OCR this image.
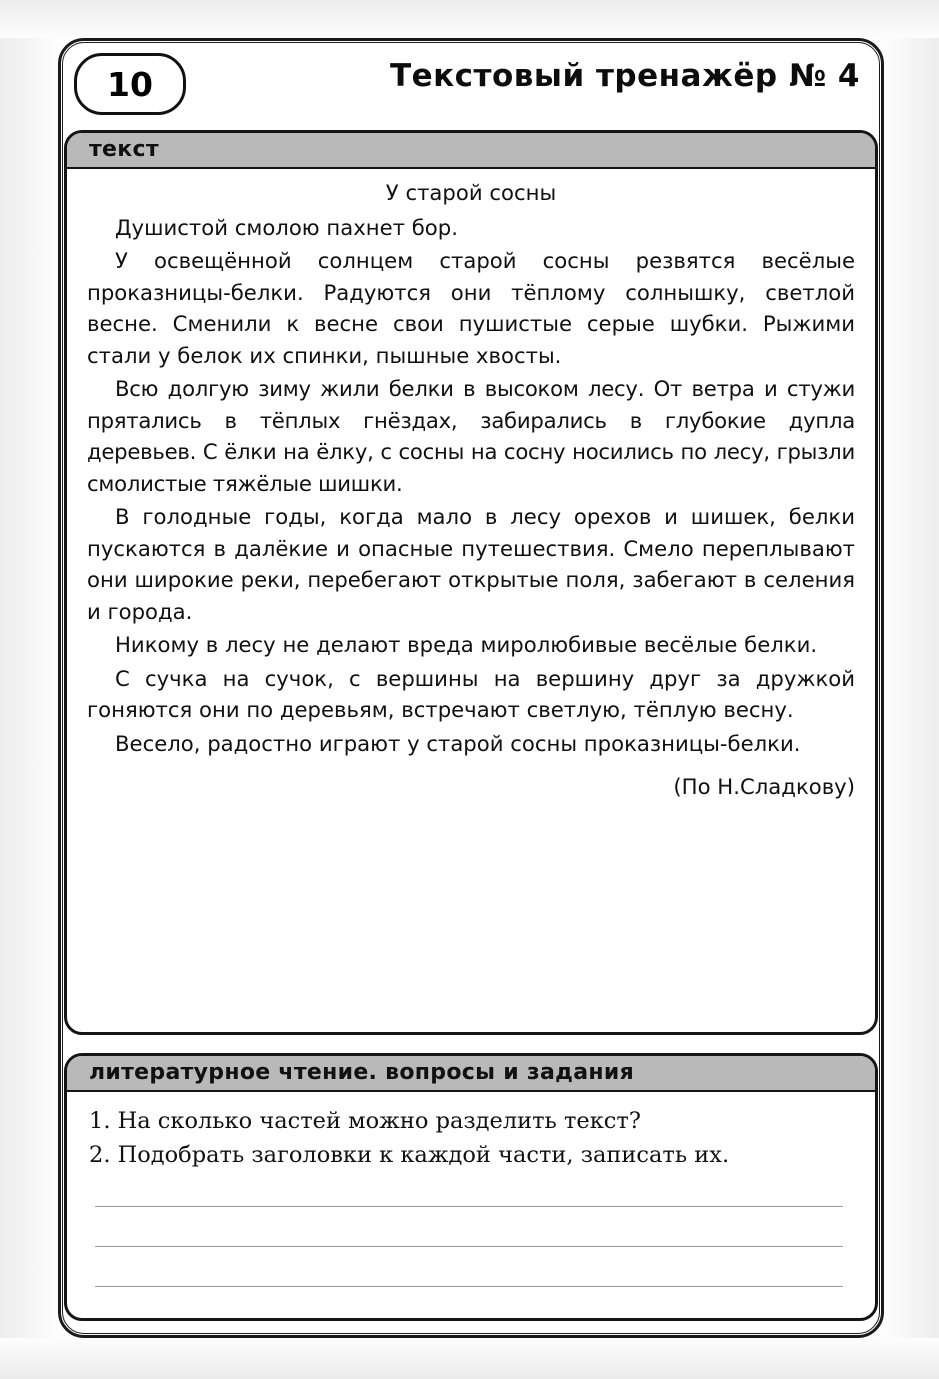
10	Текстовый тренажёр № 4
текст
У старой сосны

Душистой смолою пахнет бор.

У освещённой солнцем старой сосны резвятся весёлые проказницы-белки. Радуются они тёплому солнышку, светлой весне. Сменили к весне свои пушистые серые шубки. Рыжими стали у белок их спинки, пышные хвосты.

Всю долгую зиму жили белки в высоком лесу. От ветра и стужи прятались в тёплых гнёздах, забирались в глубокие дупла деревьев. С ёлки на ёлку, с сосны на сосну носились по лесу, грызли смолистые тяжёлые шишки.

В голодные годы, когда мало в лесу орехов и шишек, белки пускаются в далёкие и опасные путешествия. Смело переплывают они широкие реки, перебегают открытые поля, забегают в селения и города.

Никому в лесу не делают вреда миролюбивые весёлые белки.

С сучка на сучок, с вершины на вершину друг за дружкой гоняются они по деревьям, встречают светлую, тёплую весну.

Весело, радостно играют у старой сосны проказницы-белки.

(По Н.Сладкову)
литературное чтение. вопросы и задания
1. На сколько частей можно разделить текст?
2. Подобрать заголовки к каждой части, записать их.
